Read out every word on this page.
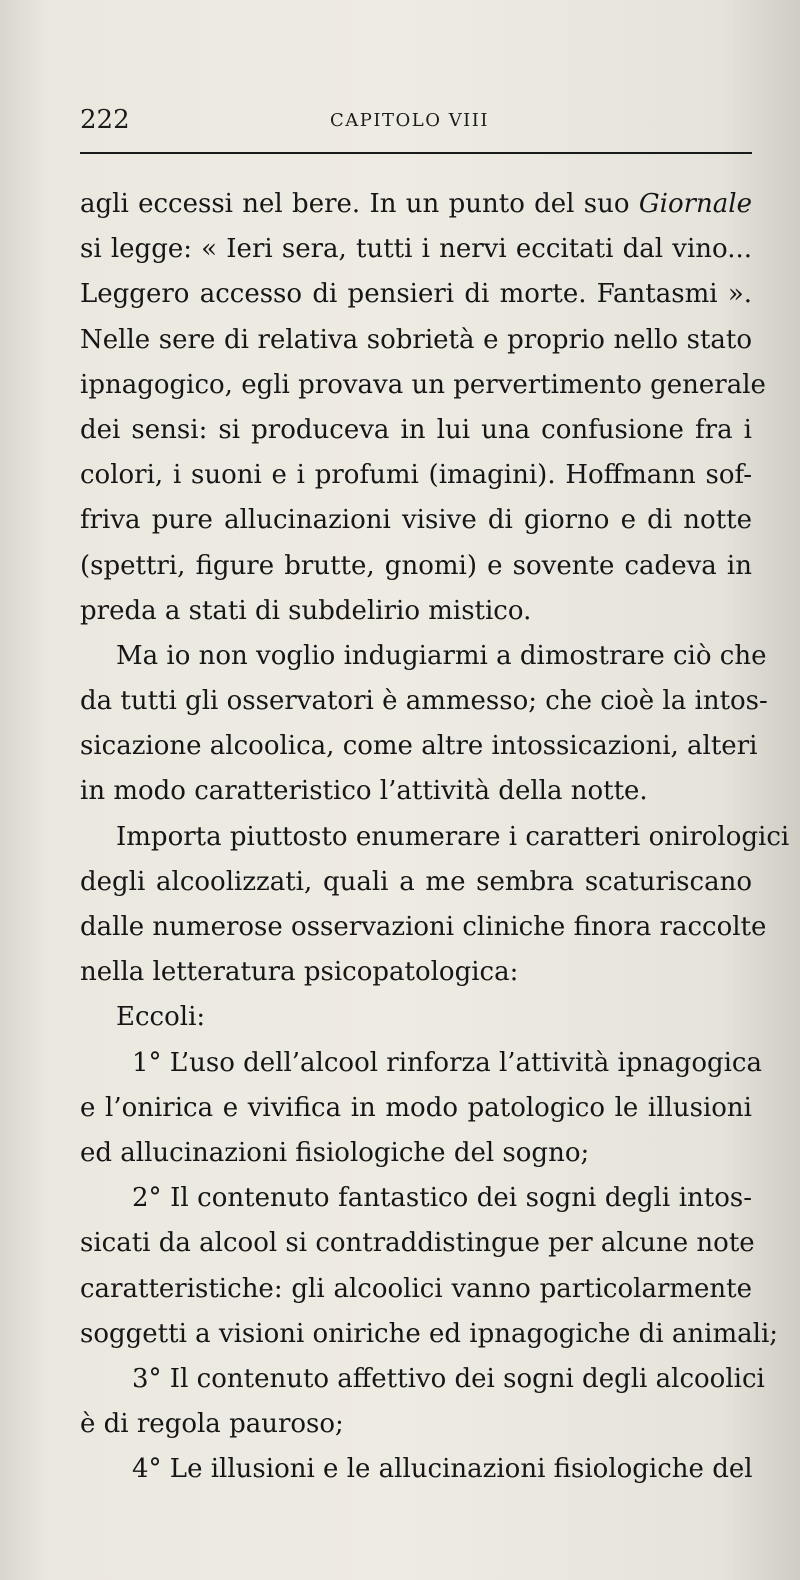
222	CAPITOLO VIII
agli eccessi nel bere. In un punto del suo Giornale
si legge: « Ieri sera, tutti i nervi eccitati dal vino...
Leggero accesso di pensieri di morte. Fantasmi ».
Nelle sere di relativa sobrietà e proprio nello stato
ipnagogico, egli provava un pervertimento generale
dei sensi: si produceva in lui una confusione fra i
colori, i suoni e i profumi (imagini). Hoffmann sof-
friva pure allucinazioni visive di giorno e di notte
(spettri, figure brutte, gnomi) e sovente cadeva in
preda a stati di subdelirio mistico.
Ma io non voglio indugiarmi a dimostrare ciò che
da tutti gli osservatori è ammesso; che cioè la intos-
sicazione alcoolica, come altre intossicazioni, alteri
in modo caratteristico l’attività della notte.
Importa piuttosto enumerare i caratteri onirologici
degli alcoolizzati, quali a me sembra scaturiscano
dalle numerose osservazioni cliniche finora raccolte
nella letteratura psicopatologica:
Eccoli:
1° L’uso dell’alcool rinforza l’attività ipnagogica
e l’onirica e vivifica in modo patologico le illusioni
ed allucinazioni fisiologiche del sogno;
2° Il contenuto fantastico dei sogni degli intos-
sicati da alcool si contraddistingue per alcune note
caratteristiche: gli alcoolici vanno particolarmente
soggetti a visioni oniriche ed ipnagogiche di animali;
3° Il contenuto affettivo dei sogni degli alcoolici
è di regola pauroso;
4° Le illusioni e le allucinazioni fisiologiche del
